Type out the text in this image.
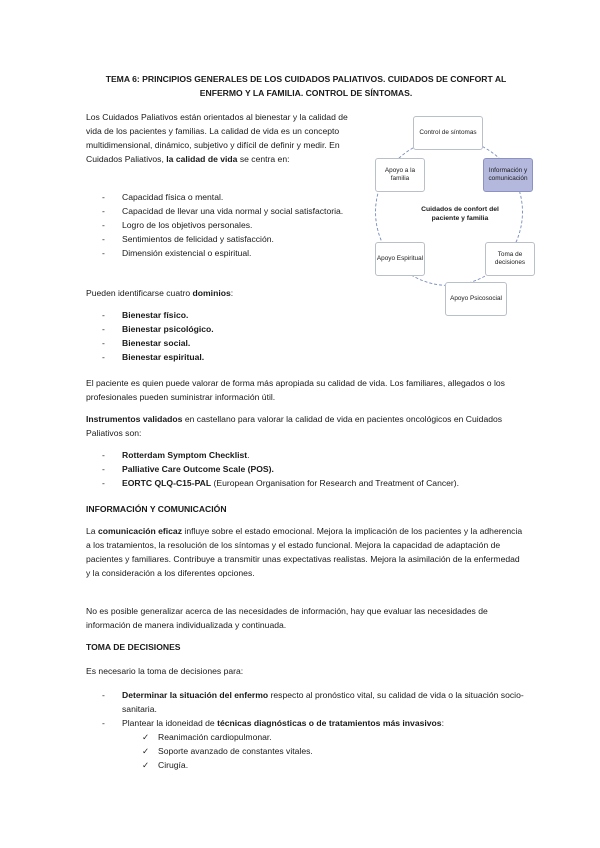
TEMA 6: PRINCIPIOS GENERALES DE LOS CUIDADOS PALIATIVOS. CUIDADOS DE CONFORT AL ENFERMO Y LA FAMILIA. CONTROL DE SÍNTOMAS.

Los Cuidados Paliativos están orientados al bienestar y la calidad de vida de los pacientes y familias. La calidad de vida es un concepto multidimensional, dinámico, subjetivo y difícil de definir y medir. En Cuidados Paliativos, la calidad de vida se centra en:

Control de síntomas
Información y comunicación
Toma de decisiones
Apoyo Psicosocial
Apoyo Espiritual
Apoyo a la familia
Cuidados de confort del paciente y familia
- Capacidad física o mental.
- Capacidad de llevar una vida normal y social satisfactoria.
- Logro de los objetivos personales.
- Sentimientos de felicidad y satisfacción.
- Dimensión existencial o espiritual.

Pueden identificarse cuatro dominios:

- Bienestar físico.
- Bienestar psicológico.
- Bienestar social.
- Bienestar espiritual.

El paciente es quien puede valorar de forma más apropiada su calidad de vida. Los familiares, allegados o los profesionales pueden suministrar información útil.

Instrumentos validados en castellano para valorar la calidad de vida en pacientes oncológicos en Cuidados Paliativos son:

- Rotterdam Symptom Checklist.
- Palliative Care Outcome Scale (POS).
- EORTC QLQ-C15-PAL (European Organisation for Research and Treatment of Cancer).

INFORMACIÓN Y COMUNICACIÓN

La comunicación eficaz influye sobre el estado emocional. Mejora la implicación de los pacientes y la adherencia a los tratamientos, la resolución de los síntomas y el estado funcional. Mejora la capacidad de adaptación de pacientes y familiares. Contribuye a transmitir unas expectativas realistas. Mejora la asimilación de la enfermedad y la consideración a los diferentes opciones.

No es posible generalizar acerca de las necesidades de información, hay que evaluar las necesidades de información de manera individualizada y continuada.

TOMA DE DECISIONES

Es necesario la toma de decisiones para:

- Determinar la situación del enfermo respecto al pronóstico vital, su calidad de vida o la situación socio-sanitaria.
- Plantear la idoneidad de técnicas diagnósticas o de tratamientos más invasivos:
✓ Reanimación cardiopulmonar.
✓ Soporte avanzado de constantes vitales.
✓ Cirugía.
